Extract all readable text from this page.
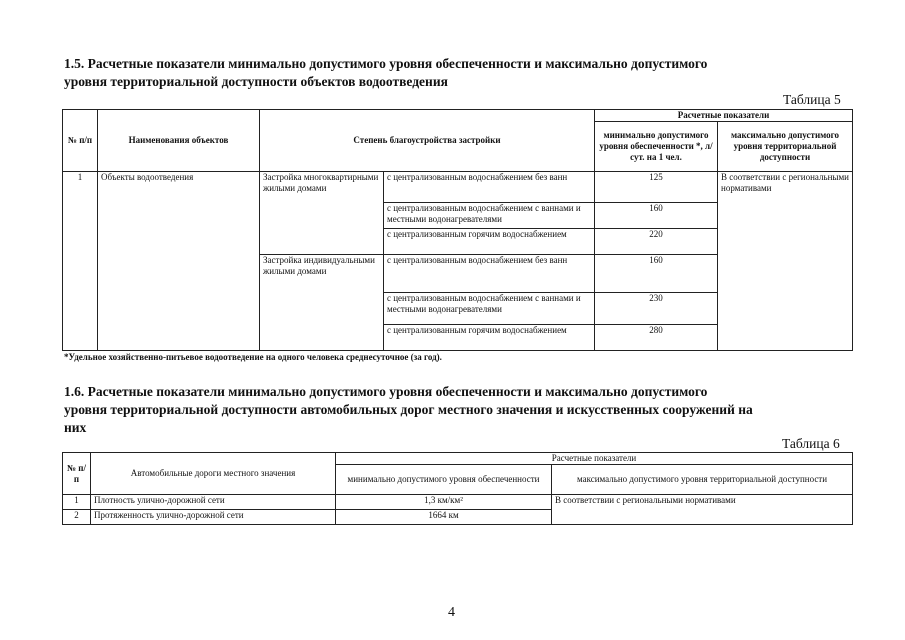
1.5. Расчетные показатели минимально допустимого уровня обеспеченности и максимально допустимого
уровня территориальной доступности объектов водоотведения
Таблица 5
№ п/п	Наименования объектов	Степень благоустройства застройки		Расчетные показатели	
				минимально допустимого уровня обеспеченности *, л/сут. на 1 чел.	максимально допустимого уровня территориальной доступности
1	Объекты водоотведения	Застройка многоквартирными жилыми домами	с централизованным водоснабжением без ванн	125	В соответствии с региональными нормативами
			с централизованным водоснабжением с ваннами и местными водонагревателями	160	
			с централизованным горячим водоснабжением	220	
		Застройка индивидуальными жилыми домами	с централизованным водоснабжением без ванн	160	
			с централизованным водоснабжением с ваннами и местными водонагревателями	230	
			с централизованным горячим водоснабжением	280	
*Удельное хозяйственно-питьевое водоотведение на одного человека среднесуточное (за год).
1.6. Расчетные показатели минимально допустимого уровня обеспеченности и максимально допустимого
уровня территориальной доступности автомобильных дорог местного значения и искусственных сооружений на
них
Таблица 6
№ п/п	Автомобильные дороги местного значения	Расчетные показатели	
		минимально допустимого уровня обеспеченности	максимально допустимого уровня территориальной доступности
1	Плотность улично-дорожной сети	1,3 км/км²	В соответствии с региональными нормативами
2	Протяженность улично-дорожной сети	1664 км	
4
